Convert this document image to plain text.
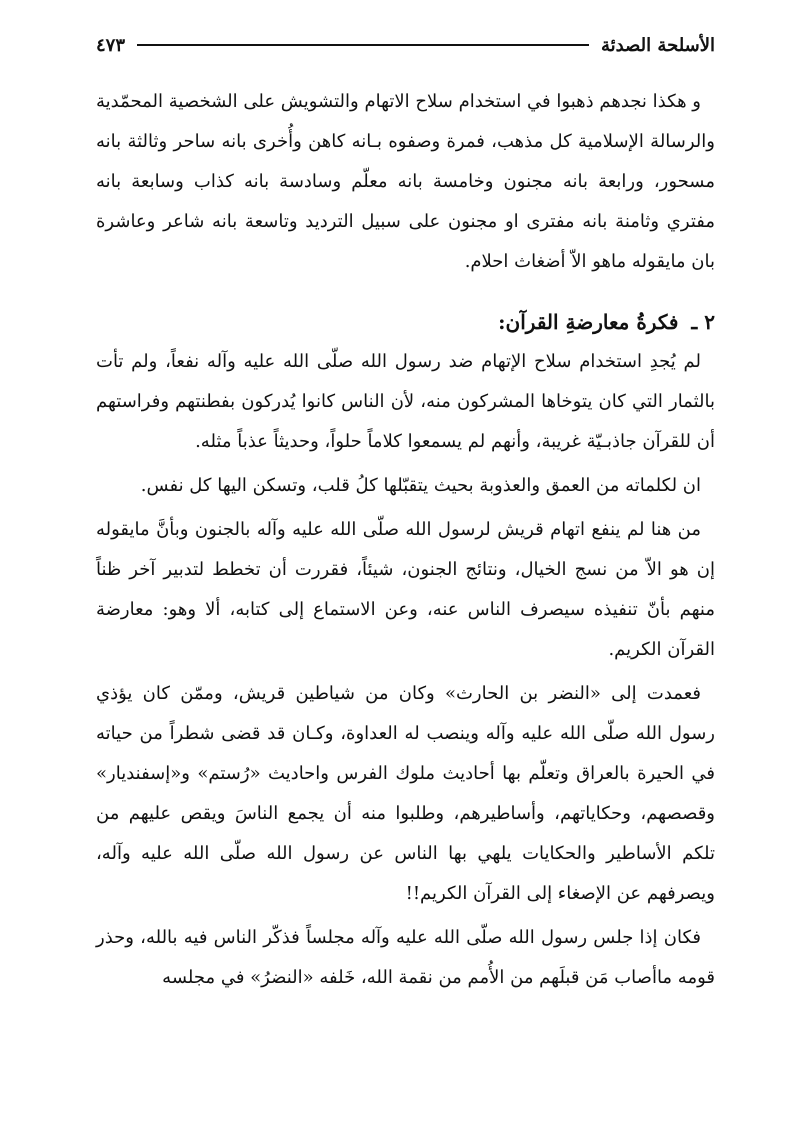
الأسلحة الصدئة
٤٧٣

و هكذا نجدهم ذهبوا في استخدام سلاح الاتهام والتشويش على الشخصية المحمّدية والرسالة الإسلامية كل مذهب، فمرة وصفوه بـانه كاهن وأُخرى بانه ساحر وثالثة بانه مسحور، ورابعة بانه مجنون وخامسة بانه معلّم وسادسة بانه كذاب وسابعة بانه مفتري وثامنة بانه مفترى او مجنون على سبيل الترديد وتاسعة بانه شاعر وعاشرة بان مايقوله ماهو الاّ أضغاث احلام.

٢ ـ فكرةُ معارضةِ القرآن:

لم يُجدِ استخدام سلاح الإتهام ضد رسول الله صلّى الله عليه وآله نفعاً، ولم تأت بالثمار التي كان يتوخاها المشركون منه، لأن الناس كانوا يُدركون بفطنتهم وفراستهم أن للقرآن جاذبـيّة غريبة، وأنهم لم يسمعوا كلاماً حلواً، وحديثاً عذباً مثله.

ان لكلماته من العمق والعذوبة بحيث يتقبّلها كلُ قلب، وتسكن اليها كل نفس.

من هنا لم ينفع اتهام قريش لرسول الله صلّى الله عليه وآله بالجنون وبأنَّ مايقوله إن هو الاّ من نسج الخيال، ونتائج الجنون، شيئاً، فقررت أن تخطط لتدبير آخر ظناً منهم بأنّ تنفيذه سيصرف الناس عنه، وعن الاستماع إلى كتابه، ألا وهو: معارضة القرآن الكريم.

فعمدت إلى «النضر بن الحارث» وكان من شياطين قريش، وممّن كان يؤذي رسول الله صلّى الله عليه وآله وينصب له العداوة، وكـان قد قضى شطراً من حياته في الحيرة بالعراق وتعلّم بها أحاديث ملوك الفرس واحاديث «رُستم» و«إسفنديار» وقصصهم، وحكاياتهم، وأساطيرهم، وطلبوا منه أن يجمع الناسَ ويقص عليهم من تلكم الأساطير والحكايات يلهي بها الناس عن رسول الله صلّى الله عليه وآله، ويصرفهم عن الإصغاء إلى القرآن الكريم!!

فكان إذا جلس رسول الله صلّى الله عليه وآله مجلساً فذكّر الناس فيه بالله، وحذر قومه ماأصاب مَن قبلَهم من الأُمم من نقمة الله، خَلفه «النضرُ» في مجلسه
